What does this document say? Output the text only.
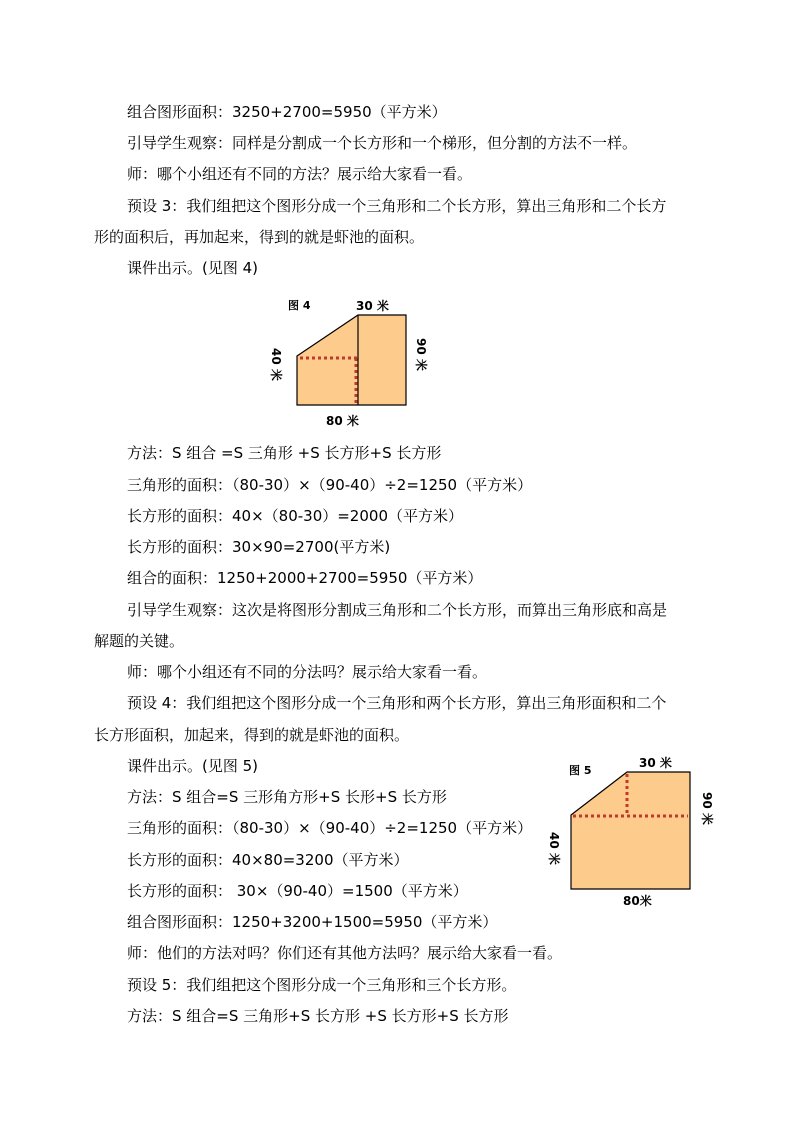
组合图形面积：3250+2700=5950（平方米）
引导学生观察：同样是分割成一个长方形和一个梯形，但分割的方法不一样。
师：哪个小组还有不同的方法？展示给大家看一看。
预设 3：我们组把这个图形分成一个三角形和二个长方形，算出三角形和二个长方
形的面积后，再加起来，得到的就是虾池的面积。
课件出示。(见图 4)
图 4	30 米
90 米
40 米
80 米
方法：S 组合 =S 三角形 +S 长方形+S 长方形
三角形的面积：（80-30）×（90-40）÷2=1250（平方米）
长方形的面积：40×（80-30）=2000（平方米）
长方形的面积：30×90=2700(平方米)
组合的面积：1250+2000+2700=5950（平方米）
引导学生观察：这次是将图形分割成三角形和二个长方形，而算出三角形底和高是
解题的关键。
师：哪个小组还有不同的分法吗？展示给大家看一看。
预设 4：我们组把这个图形分成一个三角形和两个长方形，算出三角形面积和二个
长方形面积，加起来，得到的就是虾池的面积。
课件出示。(见图 5)
方法：S 组合=S 三形角方形+S 长形+S 长方形
三角形的面积：（80-30）×（90-40）÷2=1250（平方米）
长方形的面积：40×80=3200（平方米）
长方形的面积： 30×（90-40）=1500（平方米）
组合图形面积：1250+3200+1500=5950（平方米）
师：他们的方法对吗？你们还有其他方法吗？展示给大家看一看。
预设 5：我们组把这个图形分成一个三角形和三个长方形。
方法：S 组合=S 三角形+S 长方形 +S 长方形+S 长方形
图 5
30 米
90 米
40 米
80米
